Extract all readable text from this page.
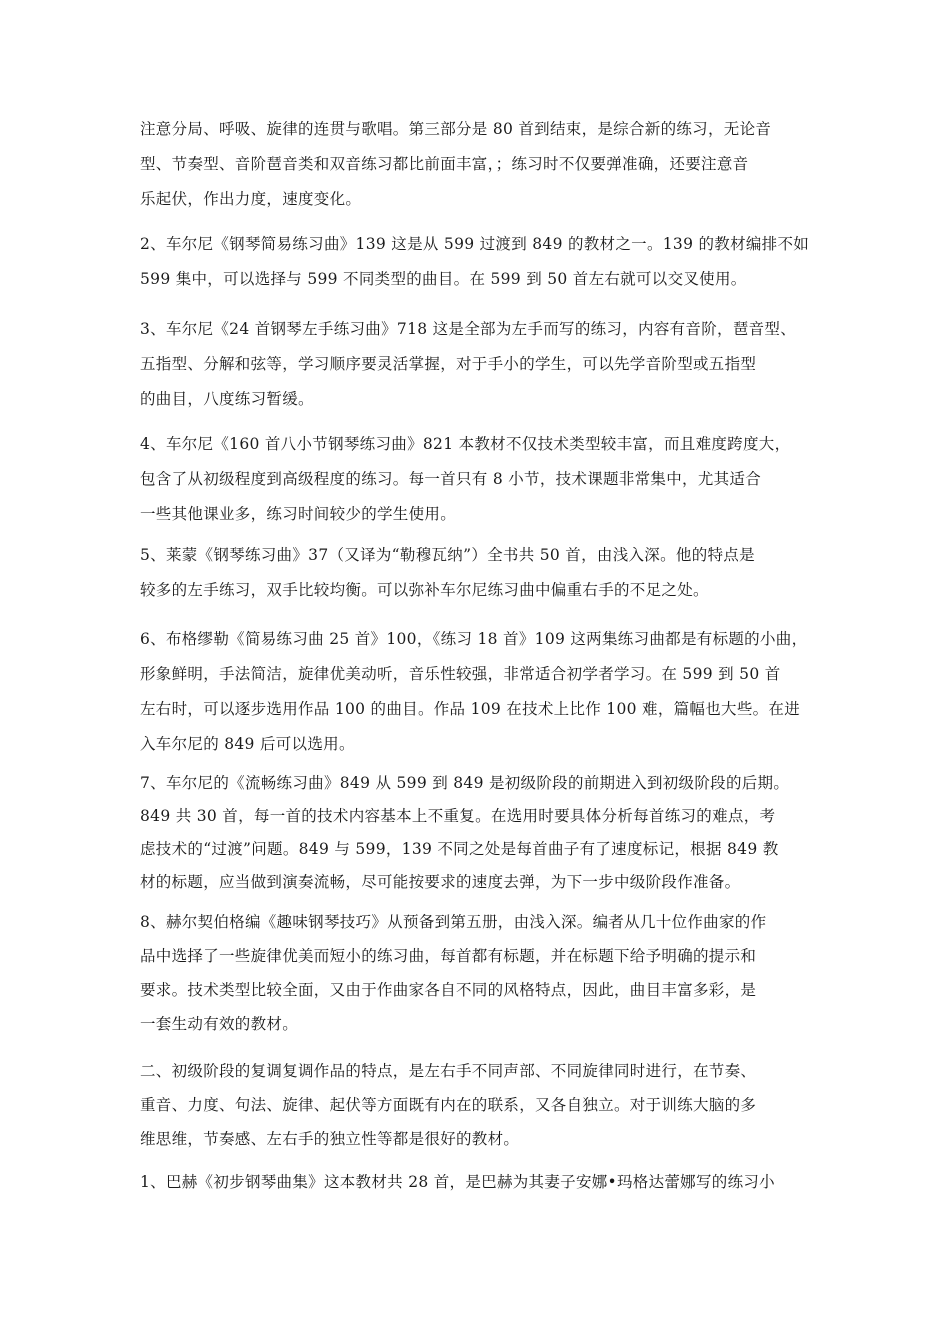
注意分局、呼吸、旋律的连贯与歌唱。第三部分是 80 首到结束，是综合新的练习，无论音
型、节奏型、音阶琶音类和双音练习都比前面丰富，；练习时不仅要弹准确，还要注意音
乐起伏，作出力度，速度变化。
2、车尔尼《钢琴简易练习曲》139 这是从 599 过渡到 849 的教材之一。139 的教材编排不如
599 集中，可以选择与 599 不同类型的曲目。在 599 到 50 首左右就可以交叉使用。
3、车尔尼《24 首钢琴左手练习曲》718 这是全部为左手而写的练习，内容有音阶，琶音型、
五指型、分解和弦等，学习顺序要灵活掌握，对于手小的学生，可以先学音阶型或五指型
的曲目，八度练习暂缓。
4、车尔尼《160 首八小节钢琴练习曲》821 本教材不仅技术类型较丰富，而且难度跨度大，
包含了从初级程度到高级程度的练习。每一首只有 8 小节，技术课题非常集中，尤其适合
一些其他课业多，练习时间较少的学生使用。
5、莱蒙《钢琴练习曲》37（又译为“勒穆瓦纳”）全书共 50 首，由浅入深。他的特点是
较多的左手练习，双手比较均衡。可以弥补车尔尼练习曲中偏重右手的不足之处。
6、布格缪勒《简易练习曲 25 首》100，《练习 18 首》109 这两集练习曲都是有标题的小曲，
形象鲜明，手法简洁，旋律优美动听，音乐性较强，非常适合初学者学习。在 599 到 50 首
左右时，可以逐步选用作品 100 的曲目。作品 109 在技术上比作 100 难，篇幅也大些。在进
入车尔尼的 849 后可以选用。
7、车尔尼的《流畅练习曲》849 从 599 到 849 是初级阶段的前期进入到初级阶段的后期。
849 共 30 首，每一首的技术内容基本上不重复。在选用时要具体分析每首练习的难点，考
虑技术的“过渡”问题。849 与 599，139 不同之处是每首曲子有了速度标记，根据 849 教
材的标题，应当做到演奏流畅，尽可能按要求的速度去弹，为下一步中级阶段作准备。
8、赫尔契伯格编《趣味钢琴技巧》从预备到第五册，由浅入深。编者从几十位作曲家的作
品中选择了一些旋律优美而短小的练习曲，每首都有标题，并在标题下给予明确的提示和
要求。技术类型比较全面，又由于作曲家各自不同的风格特点，因此，曲目丰富多彩，是
一套生动有效的教材。
二、初级阶段的复调复调作品的特点，是左右手不同声部、不同旋律同时进行，在节奏、
重音、力度、句法、旋律、起伏等方面既有内在的联系，又各自独立。对于训练大脑的多
维思维，节奏感、左右手的独立性等都是很好的教材。
1、巴赫《初步钢琴曲集》这本教材共 28 首，是巴赫为其妻子安娜•玛格达蕾娜写的练习小
